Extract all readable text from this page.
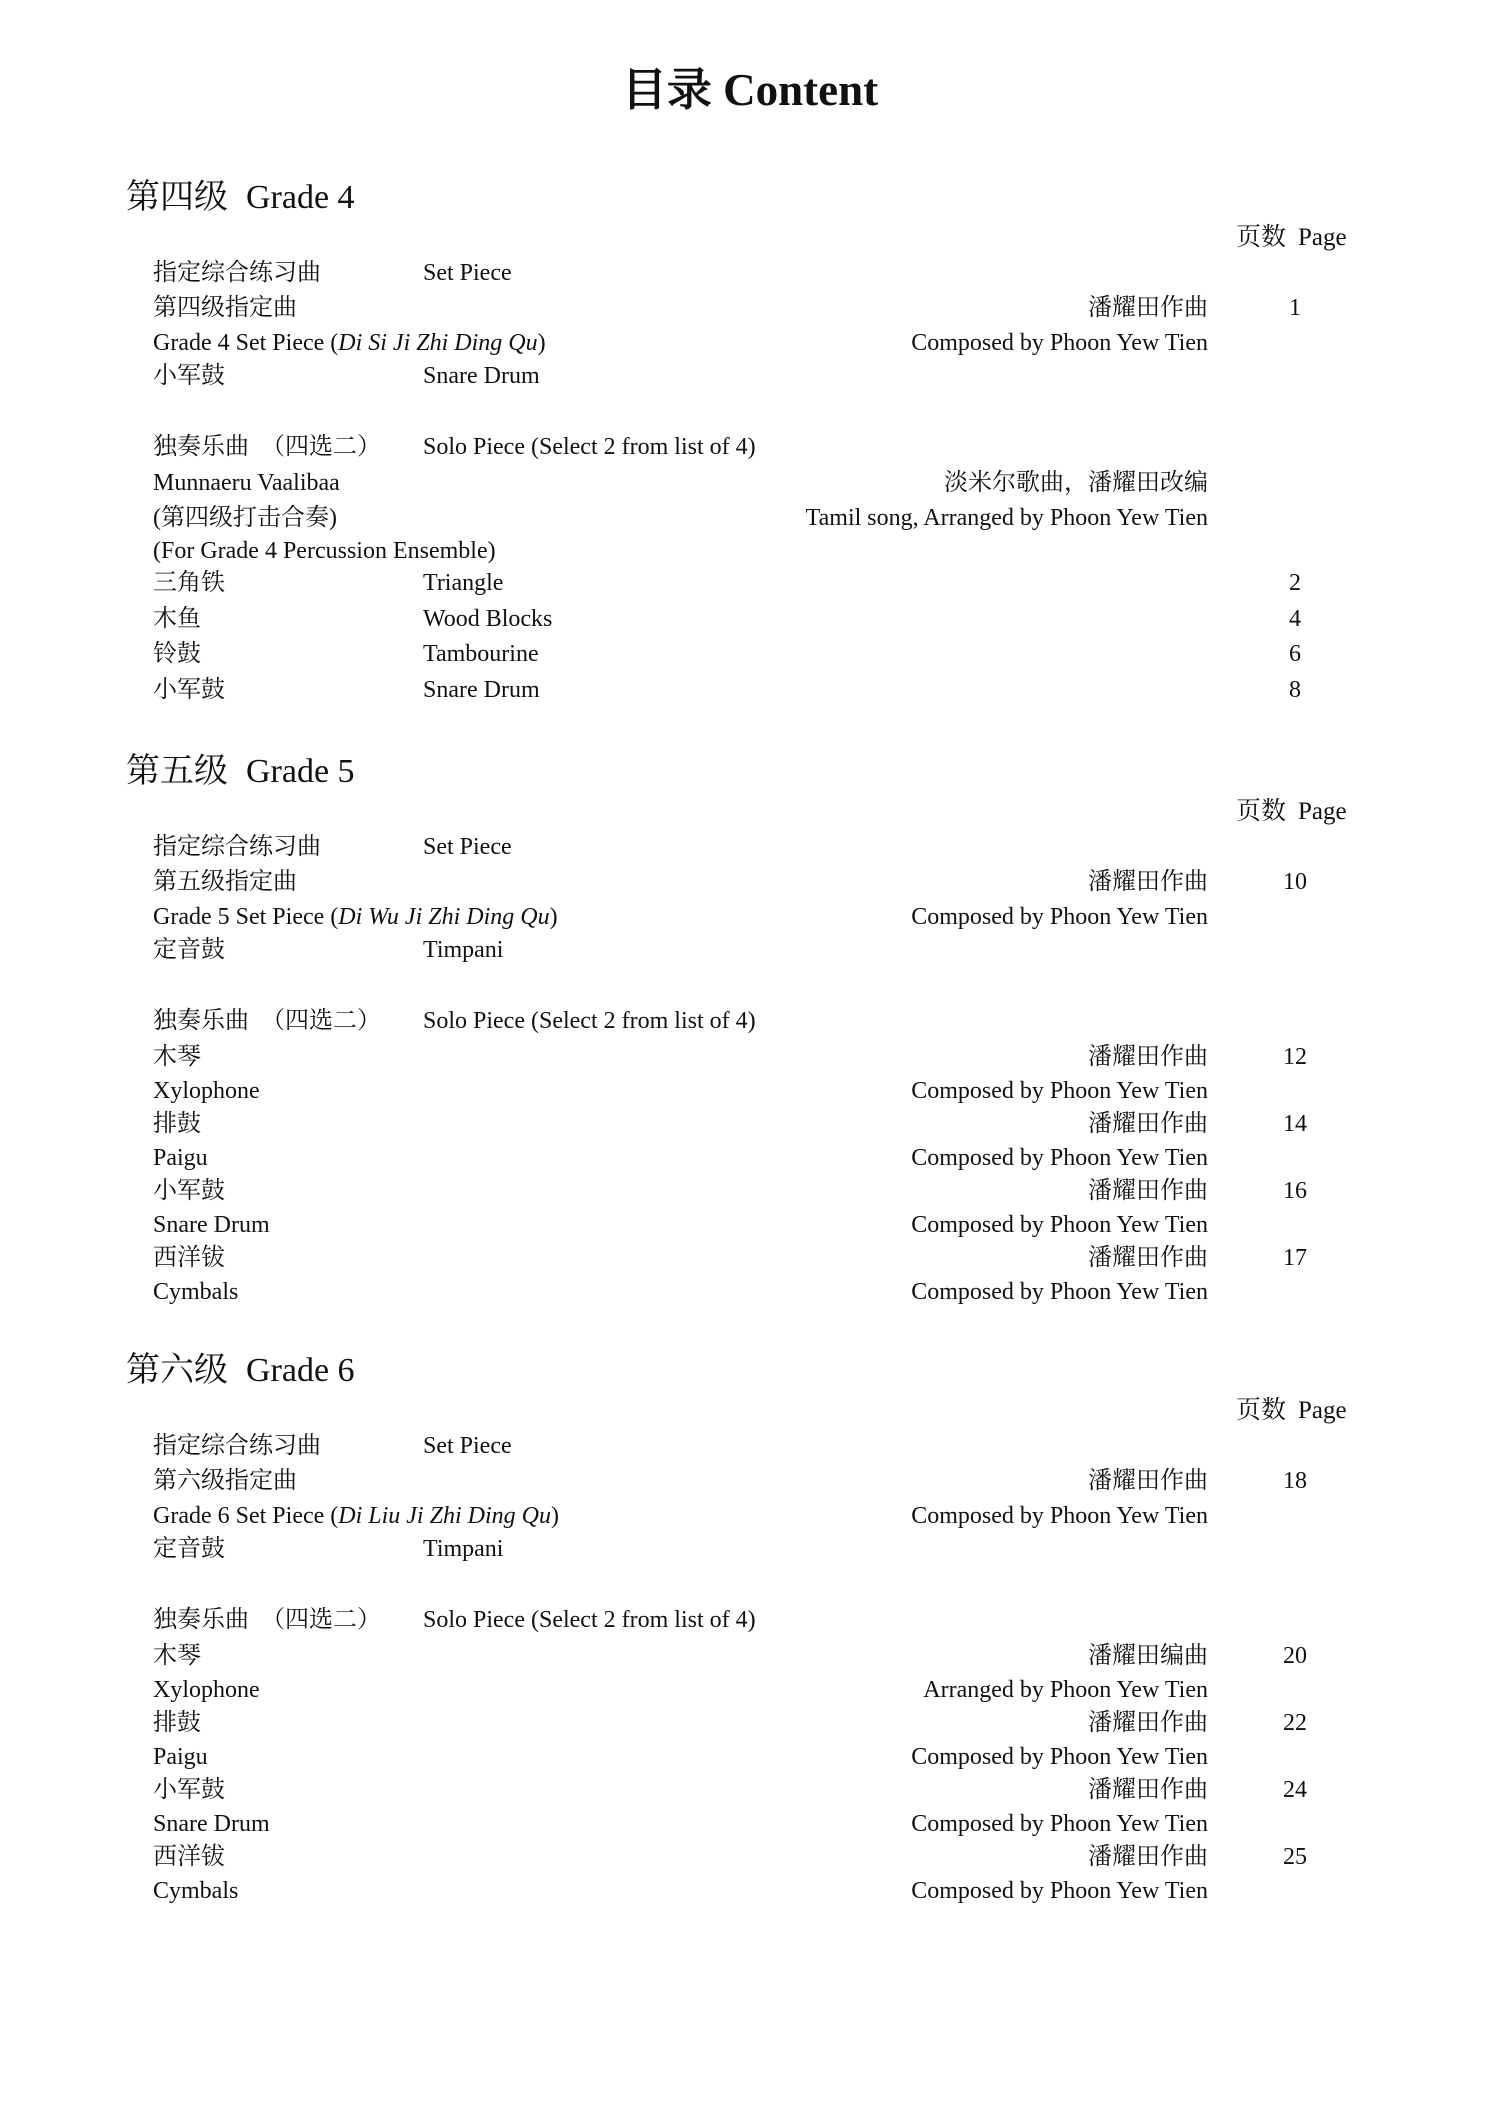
目录 Content
第四级 Grade 4
页数 Page
指定综合练习曲	Set Piece
第四级指定曲	潘耀田作曲	1
Grade 4 Set Piece (Di Si Ji Zhi Ding Qu)	Composed by Phoon Yew Tien
小军鼓	Snare Drum
独奏乐曲 （四选二） Solo Piece (Select 2 from list of 4)
Munnaeru Vaalibaa	淡米尔歌曲，潘耀田改编
(第四级打击合奏)	Tamil song, Arranged by Phoon Yew Tien
(For Grade 4 Percussion Ensemble)
三角铁	Triangle	2
木鱼	Wood Blocks	4
铃鼓	Tambourine	6
小军鼓	Snare Drum	8
第五级 Grade 5
页数 Page
指定综合练习曲	Set Piece
第五级指定曲	潘耀田作曲	10
Grade 5 Set Piece (Di Wu Ji Zhi Ding Qu)	Composed by Phoon Yew Tien
定音鼓	Timpani
独奏乐曲 （四选二） Solo Piece (Select 2 from list of 4)
木琴	潘耀田作曲	12
Xylophone	Composed by Phoon Yew Tien
排鼓	潘耀田作曲	14
Paigu	Composed by Phoon Yew Tien
小军鼓	潘耀田作曲	16
Snare Drum	Composed by Phoon Yew Tien
西洋钹	潘耀田作曲	17
Cymbals	Composed by Phoon Yew Tien
第六级 Grade 6
页数 Page
指定综合练习曲	Set Piece
第六级指定曲	潘耀田作曲	18
Grade 6 Set Piece (Di Liu Ji Zhi Ding Qu)	Composed by Phoon Yew Tien
定音鼓	Timpani
独奏乐曲 （四选二） Solo Piece (Select 2 from list of 4)
木琴	潘耀田编曲	20
Xylophone	Arranged by Phoon Yew Tien
排鼓	潘耀田作曲	22
Paigu	Composed by Phoon Yew Tien
小军鼓	潘耀田作曲	24
Snare Drum	Composed by Phoon Yew Tien
西洋钹	潘耀田作曲	25
Cymbals	Composed by Phoon Yew Tien
